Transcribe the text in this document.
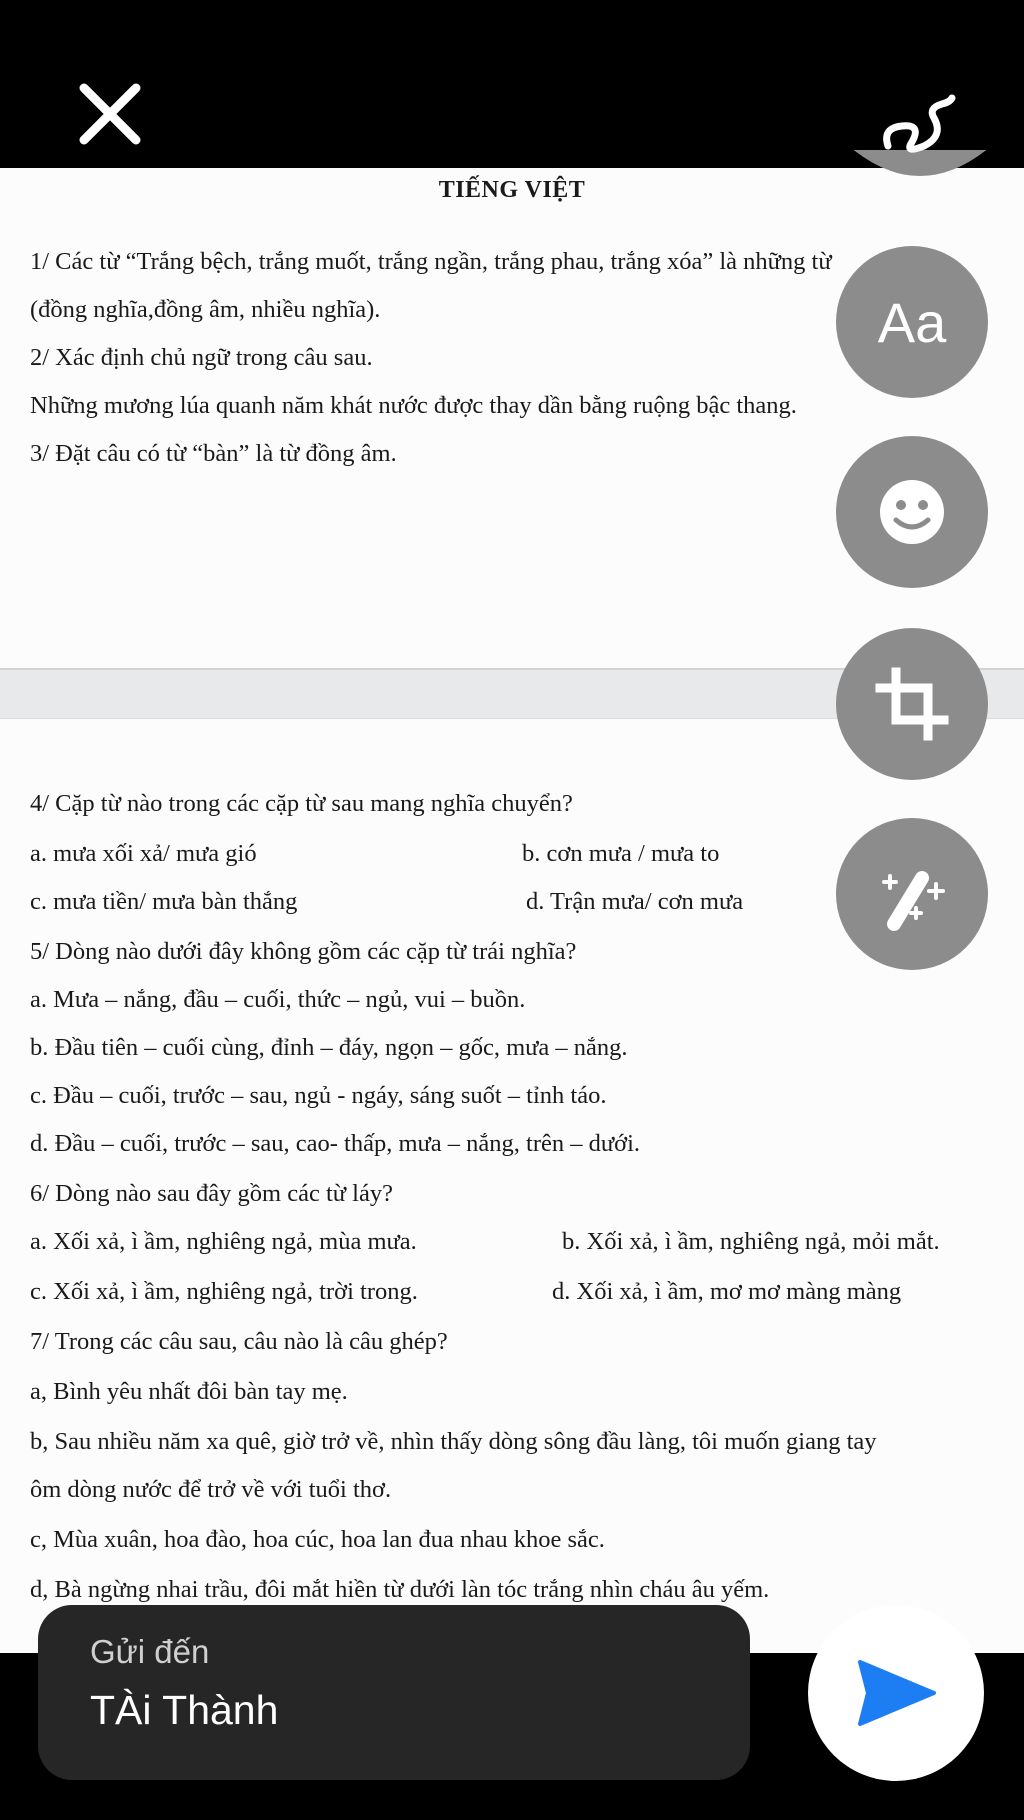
TIẾNG VIỆT

1/ Các từ “Trắng bệch, trắng muốt, trắng ngần, trắng phau, trắng xóa” là những từ

(đồng nghĩa,đồng âm, nhiều nghĩa).

2/ Xác định chủ ngữ trong câu sau.

Những mương lúa quanh năm khát nước được thay dần bằng ruộng bậc thang.

3/ Đặt câu có từ “bàn” là từ đồng âm.

4/ Cặp từ nào trong các cặp từ sau mang nghĩa chuyển?

a. mưa xối xả/ mưa gió	b. cơn mưa / mưa to

c. mưa tiền/ mưa bàn thắng	d. Trận mưa/ cơn mưa

5/ Dòng nào dưới đây không gồm các cặp từ trái nghĩa?

a. Mưa – nắng, đầu – cuối, thức – ngủ, vui – buồn.

b. Đầu tiên – cuối cùng, đỉnh – đáy, ngọn – gốc, mưa – nắng.

c. Đầu – cuối, trước – sau, ngủ - ngáy, sáng suốt – tỉnh táo.

d. Đầu – cuối, trước – sau, cao- thấp, mưa – nắng, trên – dưới.

6/ Dòng nào sau đây gồm các từ láy?

a. Xối xả, ì ầm, nghiêng ngả, mùa mưa.	b. Xối xả, ì ầm, nghiêng ngả, mỏi mắt.

c. Xối xả, ì ầm, nghiêng ngả, trời trong.	d. Xối xả, ì ầm, mơ mơ màng màng

7/ Trong các câu sau, câu nào là câu ghép?

a, Bình yêu nhất đôi bàn tay mẹ.

b, Sau nhiều năm xa quê, giờ trở về, nhìn thấy dòng sông đầu làng, tôi muốn giang tay

ôm dòng nước để trở về với tuổi thơ.

c, Mùa xuân, hoa đào, hoa cúc, hoa lan đua nhau khoe sắc.

d, Bà ngừng nhai trầu, đôi mắt hiền từ dưới làn tóc trắng nhìn cháu âu yếm.

Aa
Gửi đến
TÀi Thành
